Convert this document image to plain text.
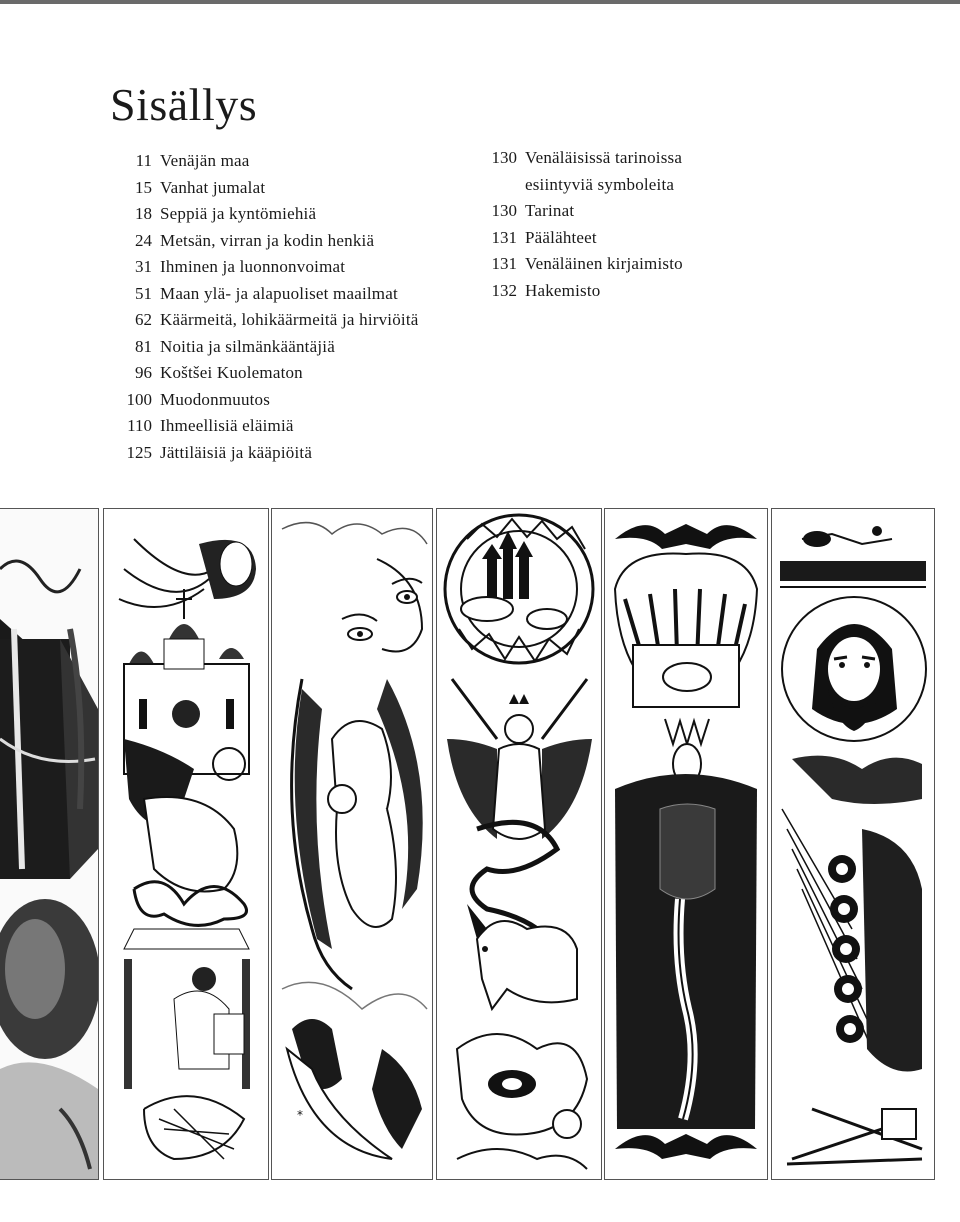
Sisällys
11 Venäjän maa
15 Vanhat jumalat
18 Seppiä ja kyntömiehiä
24 Metsän, virran ja kodin henkiä
31 Ihminen ja luonnonvoimat
51 Maan ylä- ja alapuoliset maailmat
62 Käärmeitä, lohikäärmeitä ja hirviöitä
81 Noitia ja silmänkääntäjiä
96 Koštšei Kuolematon
100 Muodonmuutos
110 Ihmeellisiä eläimiä
125 Jättiläisiä ja kääpiöitä
130 Venäläisissä tarinoissa
esiintyviä symboleita
130 Tarinat
131 Päälähteet
131 Venäläinen kirjaimisto
132 Hakemisto
*
